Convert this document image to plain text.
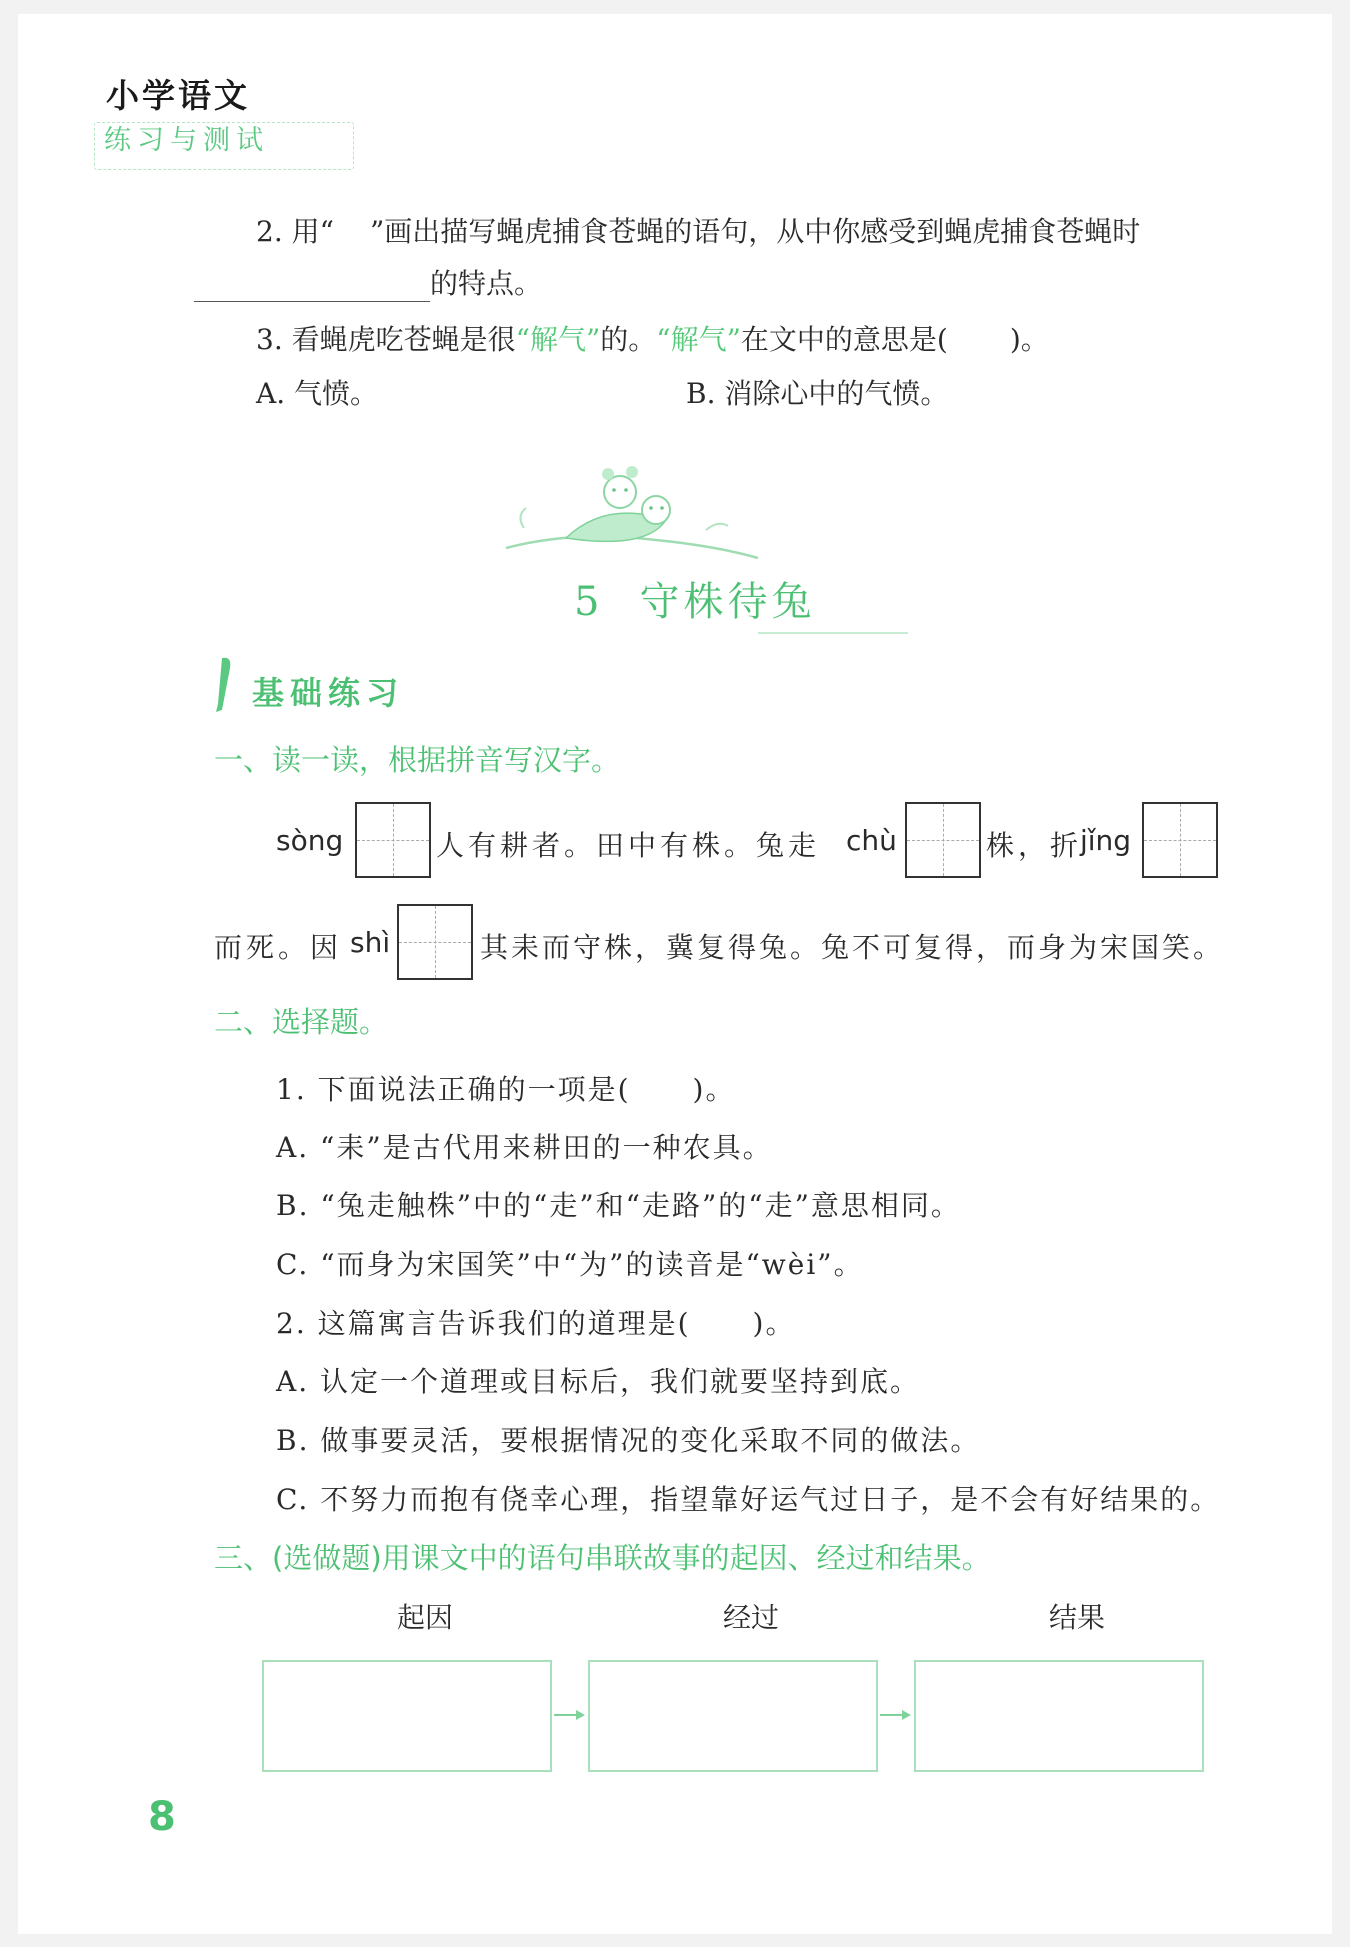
小学语文
练习与测试
2. 用“ ”画出描写蝇虎捕食苍蝇的语句，从中你感受到蝇虎捕食苍蝇时
的特点。
3. 看蝇虎吃苍蝇是很“解气”的。“解气”在文中的意思是( )。
A. 气愤。	B. 消除心中的气愤。
5 守株待兔
基础练习
一、读一读，根据拼音写汉字。
sòng	人有耕者。田中有株。兔走 chù	株，折
jǐng
而死。因 shì	其耒而守株，冀复得兔。兔不可复得，而身为宋国笑。
二、选择题。
1. 下面说法正确的一项是( )。
A. “耒”是古代用来耕田的一种农具。
B. “兔走触株”中的“走”和“走路”的“走”意思相同。
C. “而身为宋国笑”中“为”的读音是“wèi”。
2. 这篇寓言告诉我们的道理是( )。
A. 认定一个道理或目标后，我们就要坚持到底。
B. 做事要灵活，要根据情况的变化采取不同的做法。
C. 不努力而抱有侥幸心理，指望靠好运气过日子，是不会有好结果的。
三、(选做题)用课文中的语句串联故事的起因、经过和结果。
起因	经过	结果
8
